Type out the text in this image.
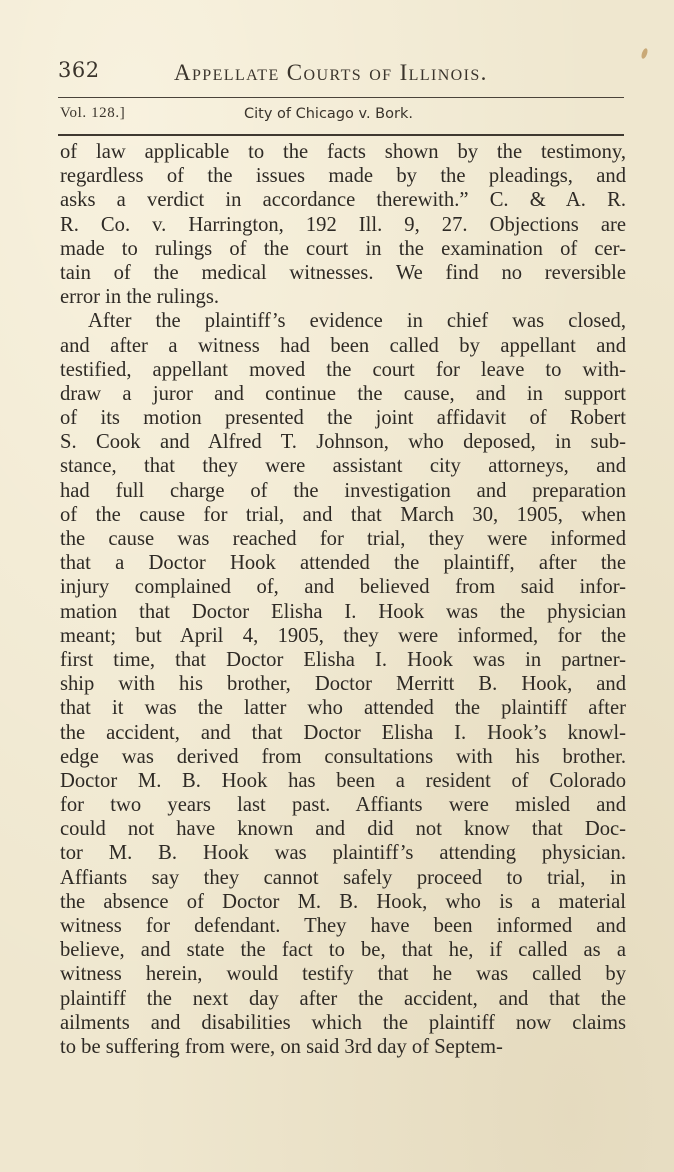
362	Appellate Courts of Illinois.
Vol. 128.]	City of Chicago v. Bork.
of law applicable to the facts shown by the testimony,
regardless of the issues made by the pleadings, and
asks a verdict in accordance therewith.” C. & A. R.
R. Co. v. Harrington, 192 Ill. 9, 27. Objections are
made to rulings of the court in the examination of cer-
tain of the medical witnesses. We find no reversible
error in the rulings.
After the plaintiff’s evidence in chief was closed,
and after a witness had been called by appellant and
testified, appellant moved the court for leave to with-
draw a juror and continue the cause, and in support
of its motion presented the joint affidavit of Robert
S. Cook and Alfred T. Johnson, who deposed, in sub-
stance, that they were assistant city attorneys, and
had full charge of the investigation and preparation
of the cause for trial, and that March 30, 1905, when
the cause was reached for trial, they were informed
that a Doctor Hook attended the plaintiff, after the
injury complained of, and believed from said infor-
mation that Doctor Elisha I. Hook was the physician
meant; but April 4, 1905, they were informed, for the
first time, that Doctor Elisha I. Hook was in partner-
ship with his brother, Doctor Merritt B. Hook, and
that it was the latter who attended the plaintiff after
the accident, and that Doctor Elisha I. Hook’s knowl-
edge was derived from consultations with his brother.
Doctor M. B. Hook has been a resident of Colorado
for two years last past. Affiants were misled and
could not have known and did not know that Doc-
tor M. B. Hook was plaintiff’s attending physician.
Affiants say they cannot safely proceed to trial, in
the absence of Doctor M. B. Hook, who is a material
witness for defendant. They have been informed and
believe, and state the fact to be, that he, if called as a
witness herein, would testify that he was called by
plaintiff the next day after the accident, and that the
ailments and disabilities which the plaintiff now claims
to be suffering from were, on said 3rd day of Septem-
